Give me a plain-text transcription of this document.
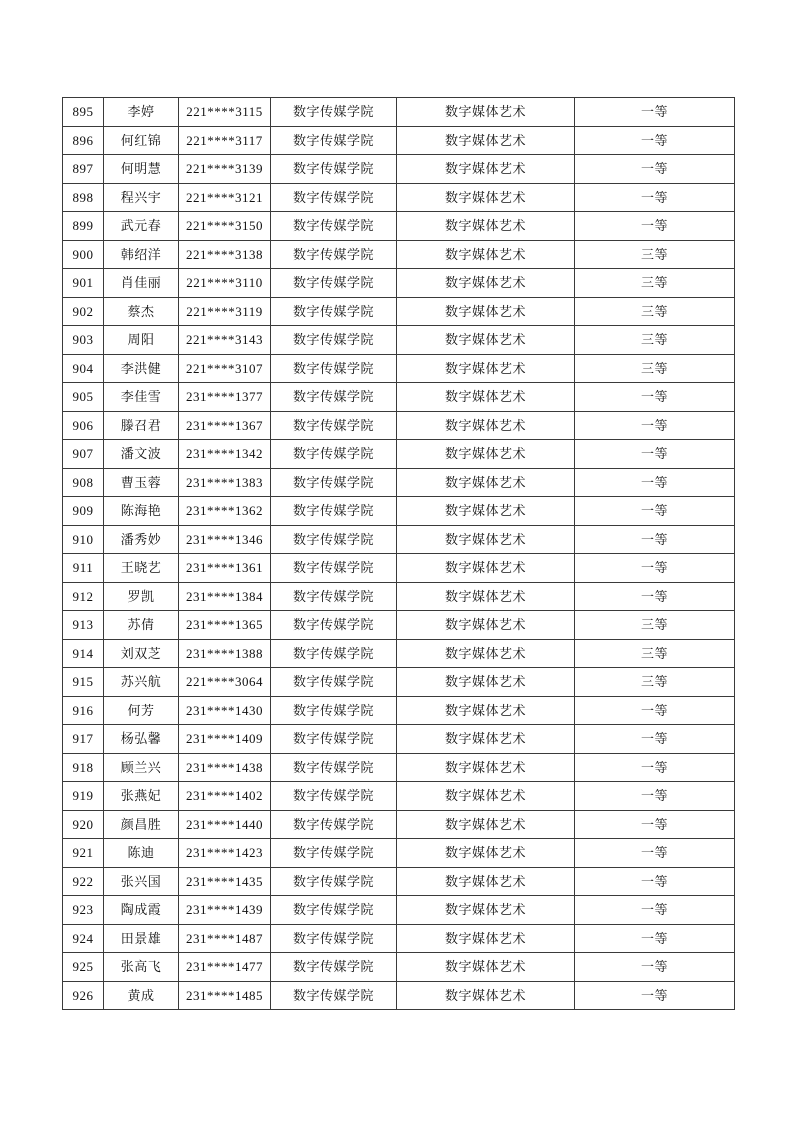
895	李婷	221****3115	数字传媒学院	数字媒体艺术	一等
896	何红锦	221****3117	数字传媒学院	数字媒体艺术	一等
897	何明慧	221****3139	数字传媒学院	数字媒体艺术	一等
898	程兴宇	221****3121	数字传媒学院	数字媒体艺术	一等
899	武元春	221****3150	数字传媒学院	数字媒体艺术	一等
900	韩绍洋	221****3138	数字传媒学院	数字媒体艺术	三等
901	肖佳丽	221****3110	数字传媒学院	数字媒体艺术	三等
902	蔡杰	221****3119	数字传媒学院	数字媒体艺术	三等
903	周阳	221****3143	数字传媒学院	数字媒体艺术	三等
904	李洪健	221****3107	数字传媒学院	数字媒体艺术	三等
905	李佳雪	231****1377	数字传媒学院	数字媒体艺术	一等
906	滕召君	231****1367	数字传媒学院	数字媒体艺术	一等
907	潘文波	231****1342	数字传媒学院	数字媒体艺术	一等
908	曹玉蓉	231****1383	数字传媒学院	数字媒体艺术	一等
909	陈海艳	231****1362	数字传媒学院	数字媒体艺术	一等
910	潘秀妙	231****1346	数字传媒学院	数字媒体艺术	一等
911	王晓艺	231****1361	数字传媒学院	数字媒体艺术	一等
912	罗凯	231****1384	数字传媒学院	数字媒体艺术	一等
913	苏倩	231****1365	数字传媒学院	数字媒体艺术	三等
914	刘双芝	231****1388	数字传媒学院	数字媒体艺术	三等
915	苏兴航	221****3064	数字传媒学院	数字媒体艺术	三等
916	何芳	231****1430	数字传媒学院	数字媒体艺术	一等
917	杨弘馨	231****1409	数字传媒学院	数字媒体艺术	一等
918	顾兰兴	231****1438	数字传媒学院	数字媒体艺术	一等
919	张燕妃	231****1402	数字传媒学院	数字媒体艺术	一等
920	颜昌胜	231****1440	数字传媒学院	数字媒体艺术	一等
921	陈迪	231****1423	数字传媒学院	数字媒体艺术	一等
922	张兴国	231****1435	数字传媒学院	数字媒体艺术	一等
923	陶成霞	231****1439	数字传媒学院	数字媒体艺术	一等
924	田景雄	231****1487	数字传媒学院	数字媒体艺术	一等
925	张高飞	231****1477	数字传媒学院	数字媒体艺术	一等
926	黄成	231****1485	数字传媒学院	数字媒体艺术	一等
